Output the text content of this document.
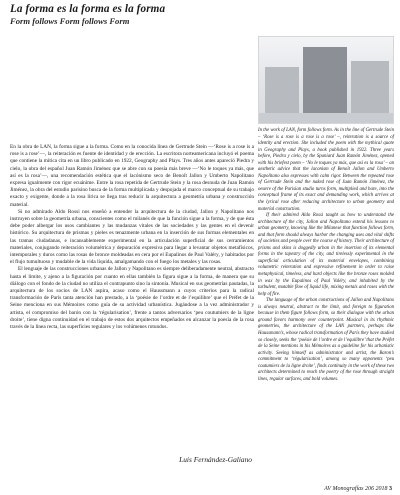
La forma es la forma es la forma
Form follows Form follows Form

En la obra de LAN, la forma sigue a la forma. Como en la conocida línea de Gertrude Stein —‘Rose is a rose is a rose is a rose’—, la reiteración es fuente de identidad y de erección. La escritora norteamericana incluyó el poema que contiene la mítica cita en un libro publicado en 1922, Geography and Plays. Tres años antes apareció Piedra y cielo, la obra del español Juan Ramón Jiménez que se abre con su poesía más breve —‘No le toques ya más, que así es la rosa’—, una recomendación estética que el lacónismo seco de Benoît Jallon y Umberto Napolitano expresa igualmente con rigor ecuánime. Entre la rosa repetida de Gertrude Stein y la rosa desnuda de Juan Ramón Jiménez, la obra del estudio parisino busca de la forma multiplicada y despojada el marco conceptual de su trabajo exacto y exigente, donde a la rosa lírica se llega tras reducir la arquitectura a geometría urbana y construcción material.

Si no admirado Aldo Rossi nos enseñó a entender la arquitectura de la ciudad, Jallon y Napolitano nos instruyen sobre la geometría urbana, conscientes como el milanés de que la función sigue a la forma, y de que ésta debe poder albergar los usos cambiantes y las mudanzas vitales de las sociedades y las gentes en el devenir histórico. Su arquitectura de prismas y pieles es tenazmente urbana en la inserción de sus formas elementales en las tramas ciudadanas, e incansablemente experimental en la articulación superficial de sus cerramientos materiales, conjugando reiteración volumétrica y depuración expresiva para llegar a levantar objetos metafísicos, intemporales y duros como las rosas de bronce moldeadas en cera por el Eupalinos de Paul Valéry, y habitados por el flujo tumultuoso y mudable de la vida líquida, amalgamando con el fuego los metales y las rosas.

El lenguaje de las construcciones urbanas de Jallon y Napolitano es siempre deliberadamente neutral, abstracto hasta el límite, y ajeno a la figuración por cuanto en ellas también la figura sigue a la forma, de manera que su diálogo con el fondo de la ciudad no utiliza el contrapunto sino la sintonía. Musical en sus geometrías pautadas, la arquitectura de los socios de LAN aspira, acaso como el Haussmann a cuyos criterios para la radical transformación de París tanta atención han prestado, a la ‘poésie de l’ordre et de l’equilibre’ que el Préfet de la Seine menciona en sus Mémoires como guía de su actividad urbanística. Jugándose a la vez administrador y artista, el compromiso del barón con la ‘régularisation’, frente a tantos adversarios ‘peu coutumiers de la ligne droite’, tiene digna continuidad en el trabajo de estos dos arquitectos empeñados en alcanzar la poesía de la rosa través de la línea recta, las superficies regulares y los volúmenes rotundos.

In the work of LAN, form follows form. As in the line of Gertrude Stein – ‘Rose is a rose is a rose is a rose’ –, reiteration is a source of identity and erection. She included the poem with the mythical quote in Geography and Plays, a book published in 1922. Three years before, Piedra y cielo, by the Spaniard Juan Ramón Jiménez, opened with his briefest poem – ‘No le toques ya más, que así es la rosa’ – an aesthetic advice that the laconism of Benoît Jallon and Umberto Napolitano also expresses with calm rigor. Between the repeated rose of Gertrude Stein and the naked rose of Juan Ramón Jiménez, the oeuvre of the Parisian studio turns form, multiplied and bare, into the conceptual frame of its exact and demanding work, which arrives at the lyrical rose after reducing architecture to urban geometry and material construction.

If their admired Aldo Rossi taught us how to understand the architecture of the city, Jallon and Napolitano extend his lessons to urban geometry, knowing like the Milanese that function follows form, and that form should always harbor the changing uses and vital shifts of societies and people over the course of history. Their architecture of prisms and skins is doggedly urban in the insertion of its elemental forms in the tapestry of the city, and tirelessly experimental in the superficial articulation of its material envelopes, combining volumetric reiteration and expressive refinement in order to raise metaphysical, timeless, and hard objects like the bronze roses molded in wax by the Eupalinos of Paul Valéry, and inhabited by the turbulent, mutable flow of liquid life, mixing metals and roses with the help of fire.

The language of the urban constructions of Jallon and Napolitano is always neutral, abstract to the limit, and foreign to figuration because in them figure follows form, so their dialogue with the urban ground favors harmony over counterpoint. Musical in its rhythmic geometries, the architecture of the LAN partners, perhaps like Haussmann’s, whose radical transformation of Paris they have studied so closely, seeks the ‘poésie de l’ordre et de l’equilibre’ that the Préfet de la Seine mentions in his Mémoires as a guideline for his urbanistic activity. Seeing himself as administrator and artist, the Baron’s commitment to ‘régularisation’, among so many opponents ‘peu coutumiers de la ligne droite’, finds continuity in the work of these two architects determined to reach the poetry of the rose through straight lines, regular surfaces, and bold volumes.

Luis Fernández-Galiano

AV Monografías 206 2018 3
